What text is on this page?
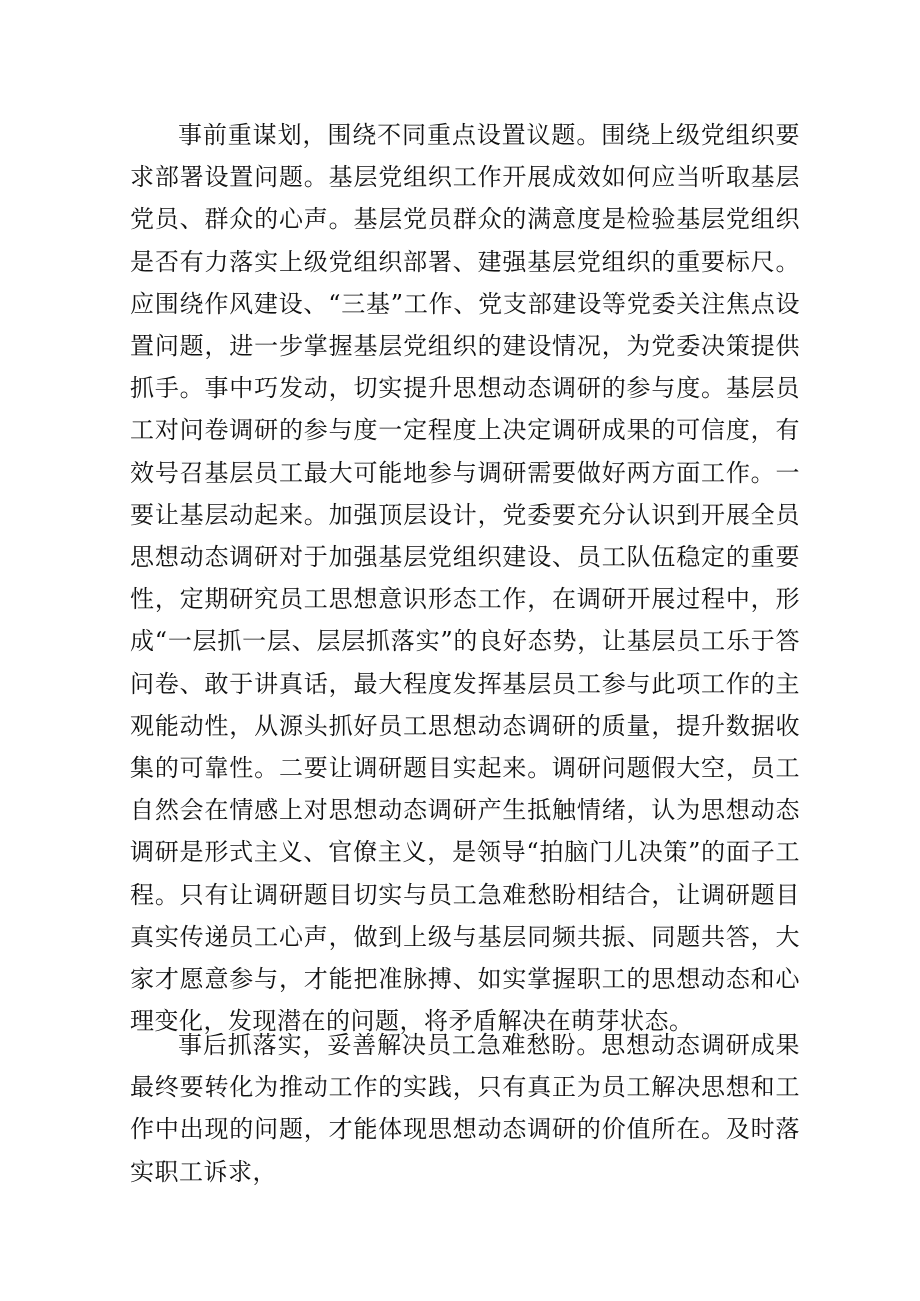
事前重谋划，围绕不同重点设置议题。围绕上级党组织要求部署设置问题。基层党组织工作开展成效如何应当听取基层党员、群众的心声。基层党员群众的满意度是检验基层党组织是否有力落实上级党组织部署、建强基层党组织的重要标尺。应围绕作风建设、“三基”工作、党支部建设等党委关注焦点设置问题，进一步掌握基层党组织的建设情况，为党委决策提供抓手。事中巧发动，切实提升思想动态调研的参与度。基层员工对问卷调研的参与度一定程度上决定调研成果的可信度，有效号召基层员工最大可能地参与调研需要做好两方面工作。一要让基层动起来。加强顶层设计，党委要充分认识到开展全员思想动态调研对于加强基层党组织建设、员工队伍稳定的重要性，定期研究员工思想意识形态工作，在调研开展过程中，形成“一层抓一层、层层抓落实”的良好态势，让基层员工乐于答问卷、敢于讲真话，最大程度发挥基层员工参与此项工作的主观能动性，从源头抓好员工思想动态调研的质量，提升数据收集的可靠性。二要让调研题目实起来。调研问题假大空，员工自然会在情感上对思想动态调研产生抵触情绪，认为思想动态调研是形式主义、官僚主义，是领导“拍脑门儿决策”的面子工程。只有让调研题目切实与员工急难愁盼相结合，让调研题目真实传递员工心声，做到上级与基层同频共振、同题共答，大家才愿意参与，才能把准脉搏、如实掌握职工的思想动态和心理变化，发现潜在的问题，将矛盾解决在萌芽状态。

事后抓落实，妥善解决员工急难愁盼。思想动态调研成果最终要转化为推动工作的实践，只有真正为员工解决思想和工作中出现的问题，才能体现思想动态调研的价值所在。及时落实职工诉求，
